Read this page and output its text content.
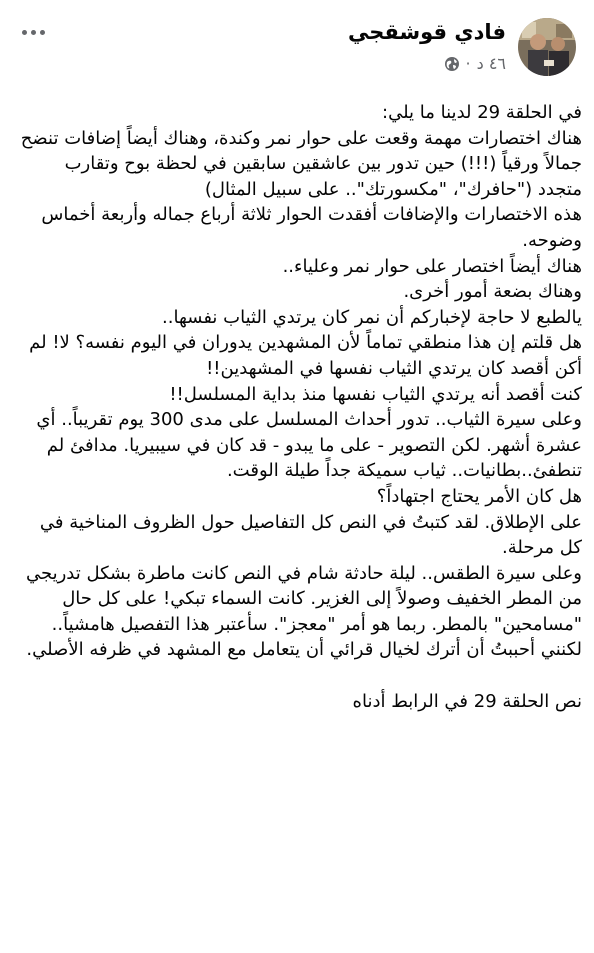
فادي قوشقجي
٤٦ د
·

في الحلقة 29 لدينا ما يلي:

هناك اختصارات مهمة وقعت على حوار نمر وكندة، وهناك أيضاً إضافات تنضح جمالاً ورقياً (!!!) حين تدور بين عاشقين سابقين في لحظة بوح وتقارب متجدد ("حافرك"، "مكسورتك".. على سبيل المثال)

هذه الاختصارات والإضافات أفقدت الحوار ثلاثة أرباع جماله وأربعة أخماس وضوحه.

هناك أيضاً اختصار على حوار نمر وعلياء..

وهناك بضعة أمور أخرى.

يالطبع لا حاجة لإخباركم أن نمر كان يرتدي الثياب نفسها..

هل قلتم إن هذا منطقي تماماً لأن المشهدين يدوران في اليوم نفسه؟ لا! لم أكن أقصد كان يرتدي الثياب نفسها في المشهدين!!

كنت أقصد أنه يرتدي الثياب نفسها منذ بداية المسلسل!!

وعلى سيرة الثياب.. تدور أحداث المسلسل على مدى 300 يوم تقريباً.. أي عشرة أشهر. لكن التصوير - على ما يبدو - قد كان في سيبيريا. مدافئ لم تنطفئ..بطانيات.. ثياب سميكة جداً طيلة الوقت.

هل كان الأمر يحتاج اجتهاداً؟

على الإطلاق. لقد كتبتُ في النص كل التفاصيل حول الظروف المناخية في كل مرحلة.

وعلى سيرة الطقس.. ليلة حادثة شام في النص كانت ماطرة بشكل تدريجي من المطر الخفيف وصولاً إلى الغزير. كانت السماء تبكي! على كل حال "مسامحين" بالمطر. ربما هو أمر "معجز". سأعتبر هذا التفصيل هامشياً.. لكنني أحببتُ أن أترك لخيال قرائي أن يتعامل مع المشهد في ظرفه الأصلي.

نص الحلقة 29 في الرابط أدناه
